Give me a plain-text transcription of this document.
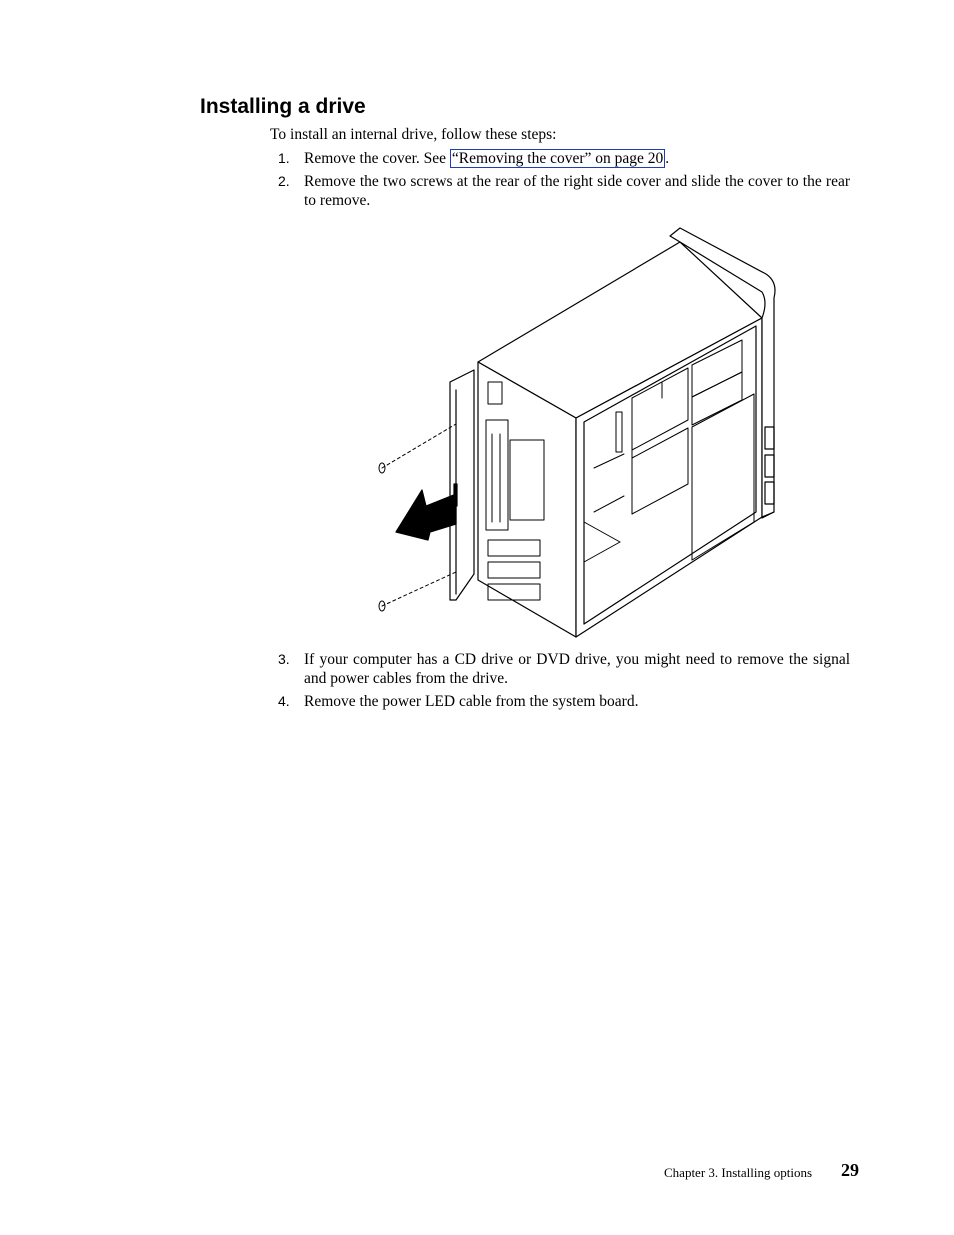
Installing a drive

To install an internal drive, follow these steps:

1. Remove the cover. See “Removing the cover” on page 20 .
2. Remove the two screws at the rear of the right side cover and slide the cover to the rear to remove.
3. If your computer has a CD drive or DVD drive, you might need to remove the signal and power cables from the drive.
4. Remove the power LED cable from the system board.
Chapter 3. Installing options 29
